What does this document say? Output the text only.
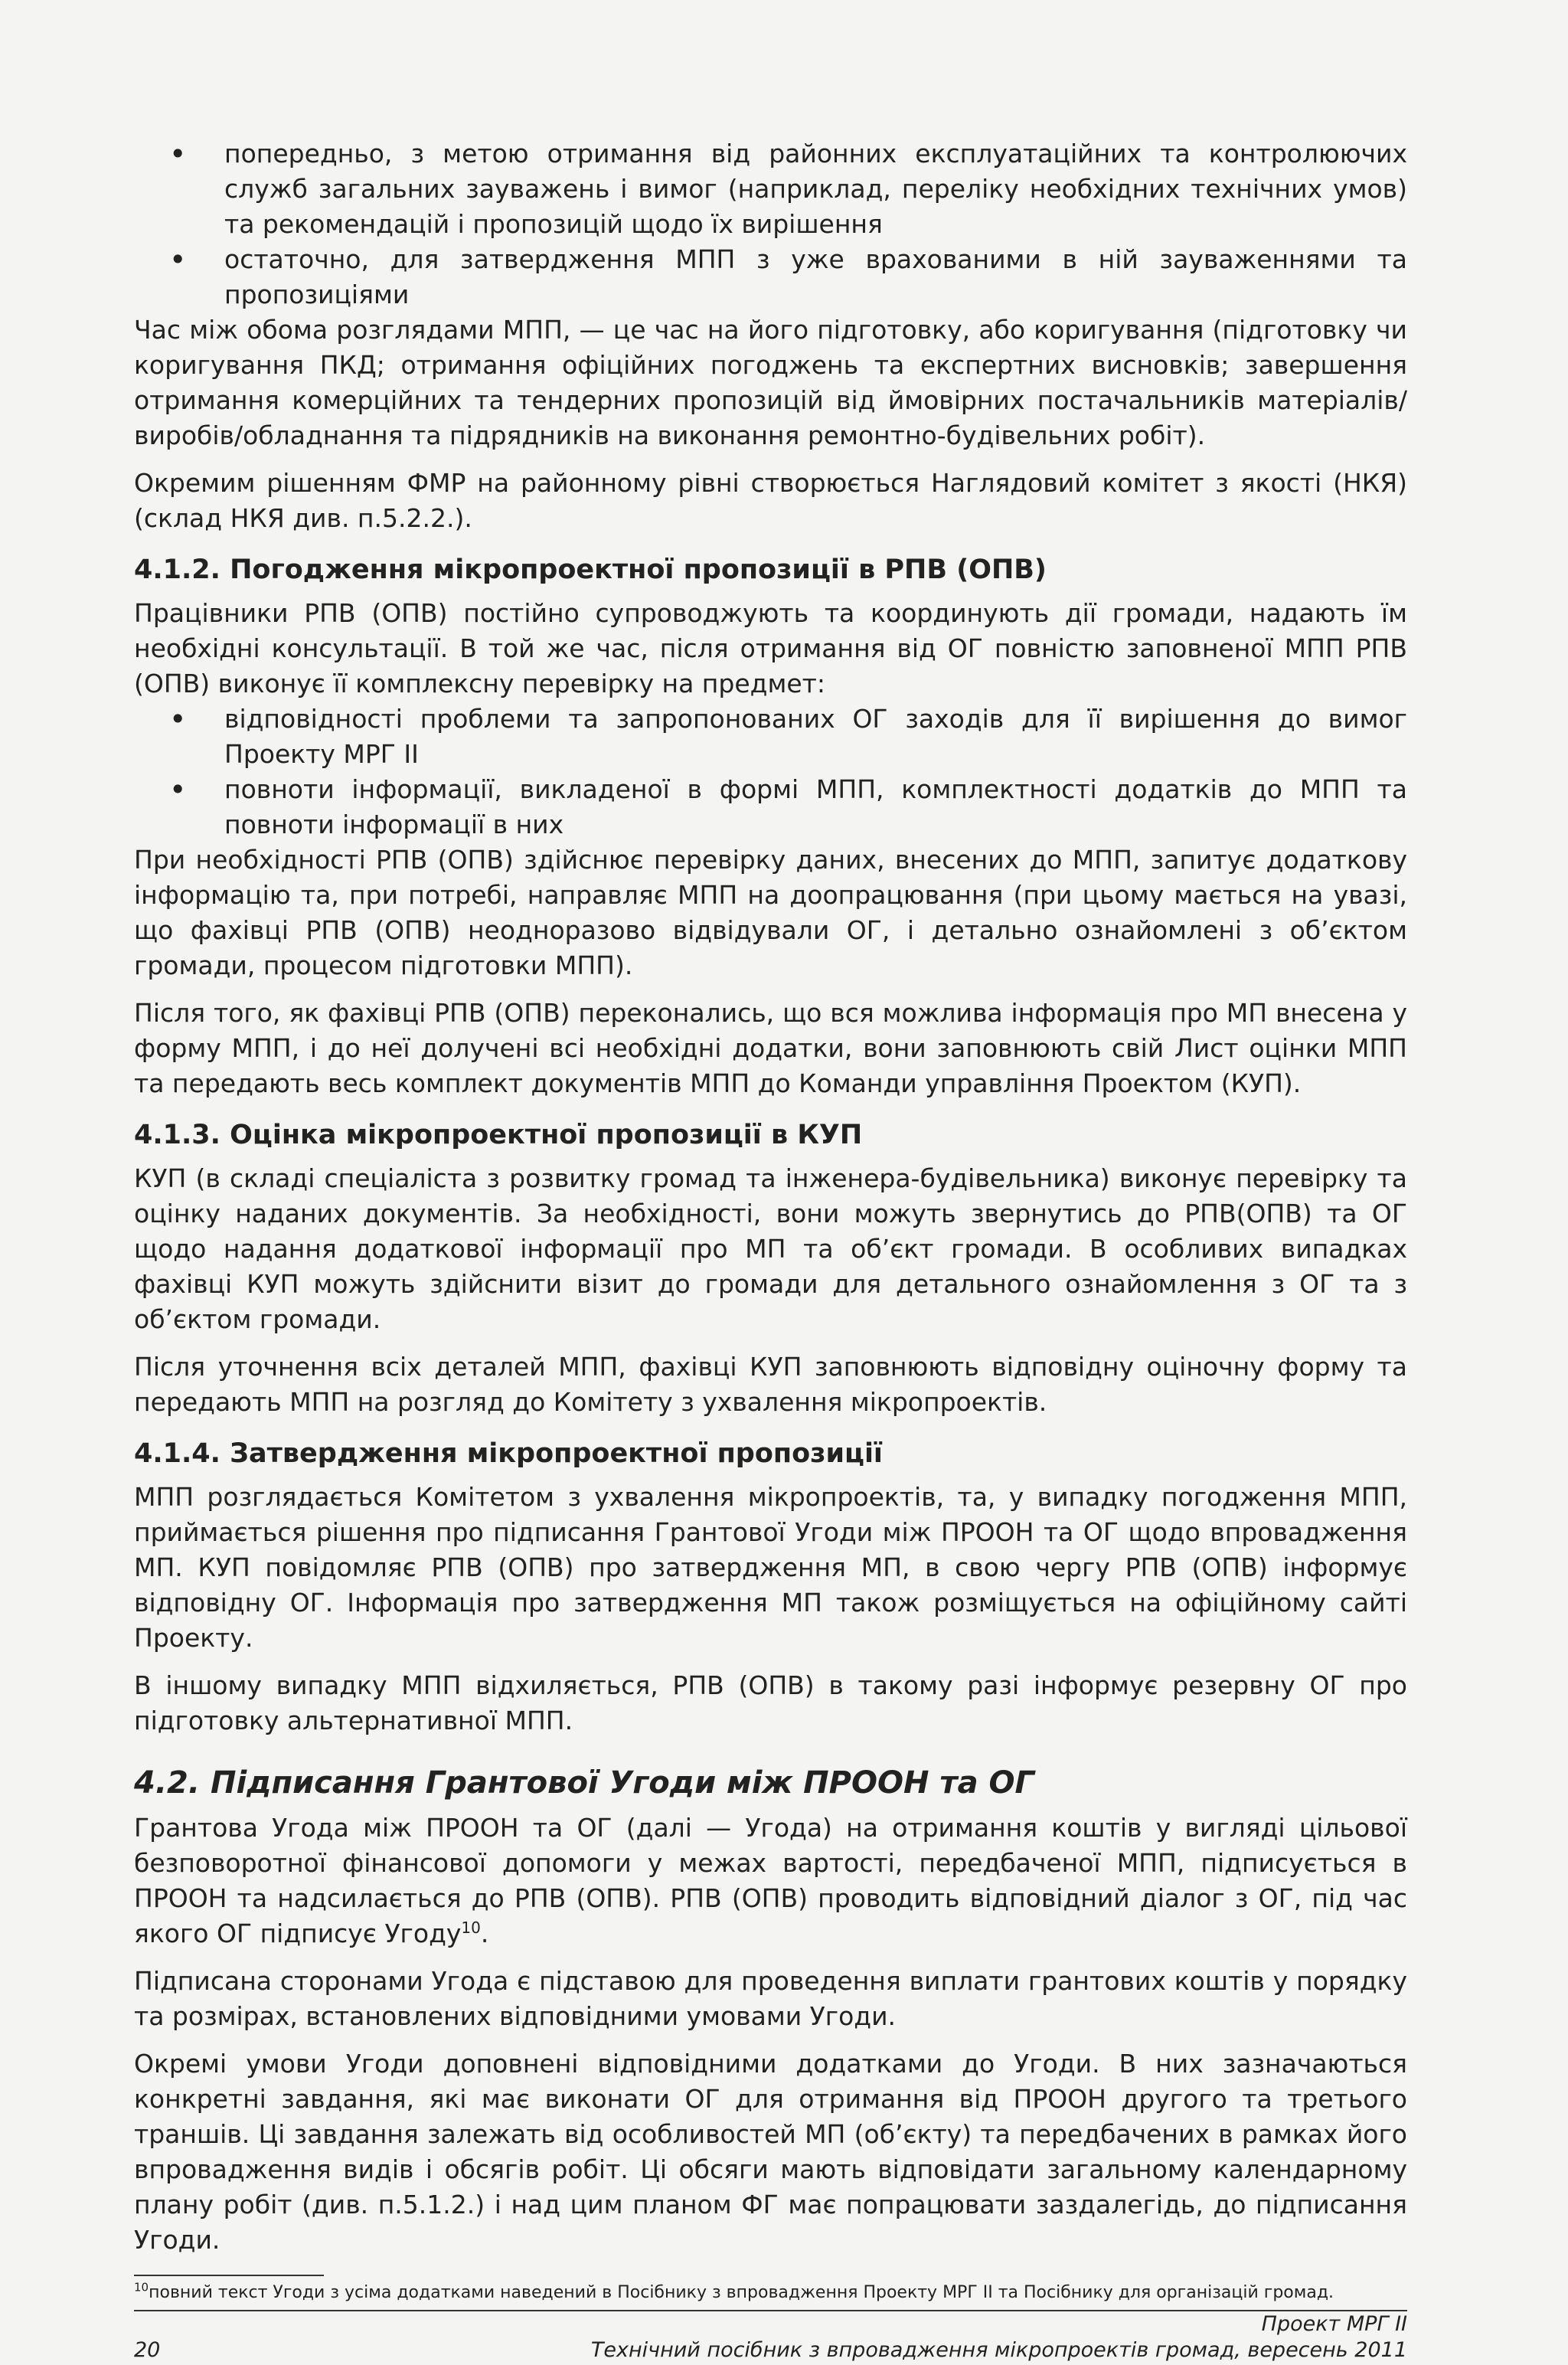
• попередньо, з метою отримання від районних експлуатаційних та контролюючих служб загальних зауважень і вимог (наприклад, переліку необхідних технічних умов) та рекомендацій і пропозицій щодо їх вирішення
• остаточно, для затвердження МПП з уже врахованими в ній зауваженнями та пропозиціями

Час між обома розглядами МПП, — це час на його підготовку, або коригування (підготовку чи коригування ПКД; отримання офіційних погоджень та експертних висновків; завершення отримання комерційних та тендерних пропозицій від ймовірних постачальників матеріалів/виробів/обладнання та підрядників на виконання ремонтно-будівельних робіт).

Окремим рішенням ФМР на районному рівні створюється Наглядовий комітет з якості (НКЯ) (склад НКЯ див. п.5.2.2.).

4.1.2. Погодження мікропроектної пропозиції в РПВ (ОПВ)

Працівники РПВ (ОПВ) постійно супроводжують та координують дії громади, надають їм необхідні консультації. В той же час, після отримання від ОГ повністю заповненої МПП РПВ (ОПВ) виконує її комплексну перевірку на предмет:

• відповідності проблеми та запропонованих ОГ заходів для її вирішення до вимог Проекту МРГ ІІ
• повноти інформації, викладеної в формі МПП, комплектності додатків до МПП та повноти інформації в них

При необхідності РПВ (ОПВ) здійснює перевірку даних, внесених до МПП, запитує додаткову інформацію та, при потребі, направляє МПП на доопрацювання (при цьому мається на увазі, що фахівці РПВ (ОПВ) неодноразово відвідували ОГ, і детально ознайомлені з об’єктом громади, процесом підготовки МПП).

Після того, як фахівці РПВ (ОПВ) переконались, що вся можлива інформація про МП внесена у форму МПП, і до неї долучені всі необхідні додатки, вони заповнюють свій Лист оцінки МПП та передають весь комплект документів МПП до Команди управління Проектом (КУП).

4.1.3. Оцінка мікропроектної пропозиції в КУП

КУП (в складі спеціаліста з розвитку громад та інженера-будівельника) виконує перевірку та оцінку наданих документів. За необхідності, вони можуть звернутись до РПВ(ОПВ) та ОГ щодо надання додаткової інформації про МП та об’єкт громади. В особливих випадках фахівці КУП можуть здійснити візит до громади для детального ознайомлення з ОГ та з об’єктом громади.

Після уточнення всіх деталей МПП, фахівці КУП заповнюють відповідну оціночну форму та передають МПП на розгляд до Комітету з ухвалення мікропроектів.

4.1.4. Затвердження мікропроектної пропозиції

МПП розглядається Комітетом з ухвалення мікропроектів, та, у випадку погодження МПП, приймається рішення про підписання Грантової Угоди між ПРООН та ОГ щодо впровадження МП. КУП повідомляє РПВ (ОПВ) про затвердження МП, в свою чергу РПВ (ОПВ) інформує відповідну ОГ. Інформація про затвердження МП також розміщується на офіційному сайті Проекту.

В іншому випадку МПП відхиляється, РПВ (ОПВ) в такому разі інформує резервну ОГ про підготовку альтернативної МПП.

4.2. Підписання Грантової Угоди між ПРООН та ОГ

Грантова Угода між ПРООН та ОГ (далі — Угода) на отримання коштів у вигляді цільової безповоротної фінансової допомоги у межах вартості, передбаченої МПП, підписується в ПРООН та надсилається до РПВ (ОПВ). РПВ (ОПВ) проводить відповідний діалог з ОГ, під час якого ОГ підписує Угоду$^{10}$.

Підписана сторонами Угода є підставою для проведення виплати грантових коштів у порядку та розмірах, встановлених відповідними умовами Угоди.

Окремі умови Угоди доповнені відповідними додатками до Угоди. В них зазначаються конкретні завдання, які має виконати ОГ для отримання від ПРООН другого та третього траншів. Ці завдання залежать від особливостей МП (об’єкту) та передбачених в рамках його впровадження видів і обсягів робіт. Ці обсяги мають відповідати загальному календарному плану робіт (див. п.5.1.2.) і над цим планом ФГ має попрацювати заздалегідь, до підписання Угоди.

$^{10}$повний текст Угоди з усіма додатками наведений в Посібнику з впровадження Проекту МРГ ІІ та Посібнику для організацій громад.
20
Проект МРГ ІІ
Технічний посібник з впровадження мікропроектів громад, вересень 2011
